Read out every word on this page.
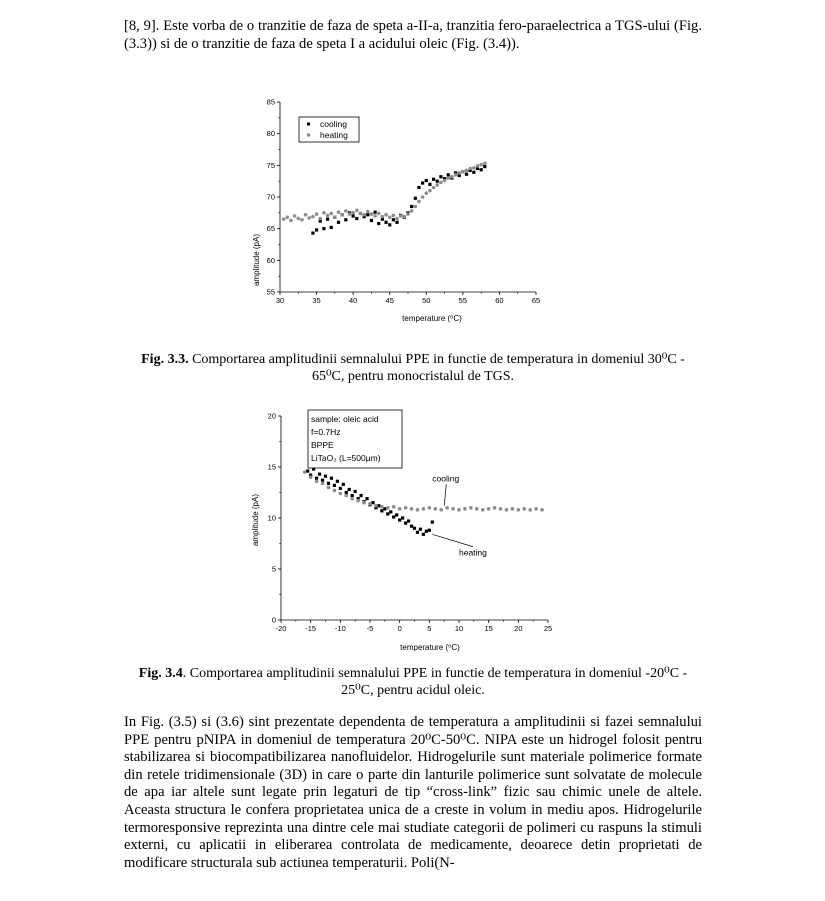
[8, 9]. Este vorba de o tranzitie de faza de speta a-II-a, tranzitia fero-paraelectrica a TGS-ului (Fig. (3.3)) si de o tranzitie de faza de speta I a acidului oleic (Fig. (3.4)).

30	35	40	45	50	55	60	65
55
60
65
70
75
80
85
cooling
heating
temperature (⁰C)
amplitude (pA)

Fig. 3.3. Comportarea amplitudinii semnalului PPE in functie de temperatura in domeniul 30⁰C - 65⁰C, pentru monocristalul de TGS.

-20	-15	-10	-5	0	5	10	15	20	25
0
5
10
15
20	sample: oleic acid
f=0.7Hz
BPPE
LiTaO₃ (L=500μm)
cooling
heating
temperature (⁰C)
amplitude (pA)

Fig. 3.4. Comportarea amplitudinii semnalului PPE in functie de temperatura in domeniul -20⁰C - 25⁰C, pentru acidul oleic.

In Fig. (3.5) si (3.6) sint prezentate dependenta de temperatura a amplitudinii si fazei semnalului PPE pentru pNIPA in domeniul de temperatura 20⁰C-50⁰C. NIPA este un hidrogel folosit pentru stabilizarea si biocompatibilizarea nanofluidelor. Hidrogelurile sunt materiale polimerice formate din retele tridimensionale (3D) in care o parte din lanturile polimerice sunt solvatate de molecule de apa iar altele sunt legate prin legaturi de tip “cross-link” fizic sau chimic unele de altele. Aceasta structura le confera proprietatea unica de a creste in volum in mediu apos. Hidrogelurile termoresponsive reprezinta una dintre cele mai studiate categorii de polimeri cu raspuns la stimuli externi, cu aplicatii in eliberarea controlata de medicamente, deoarece detin proprietati de modificare structurala sub actiunea temperaturii. Poli(N-
